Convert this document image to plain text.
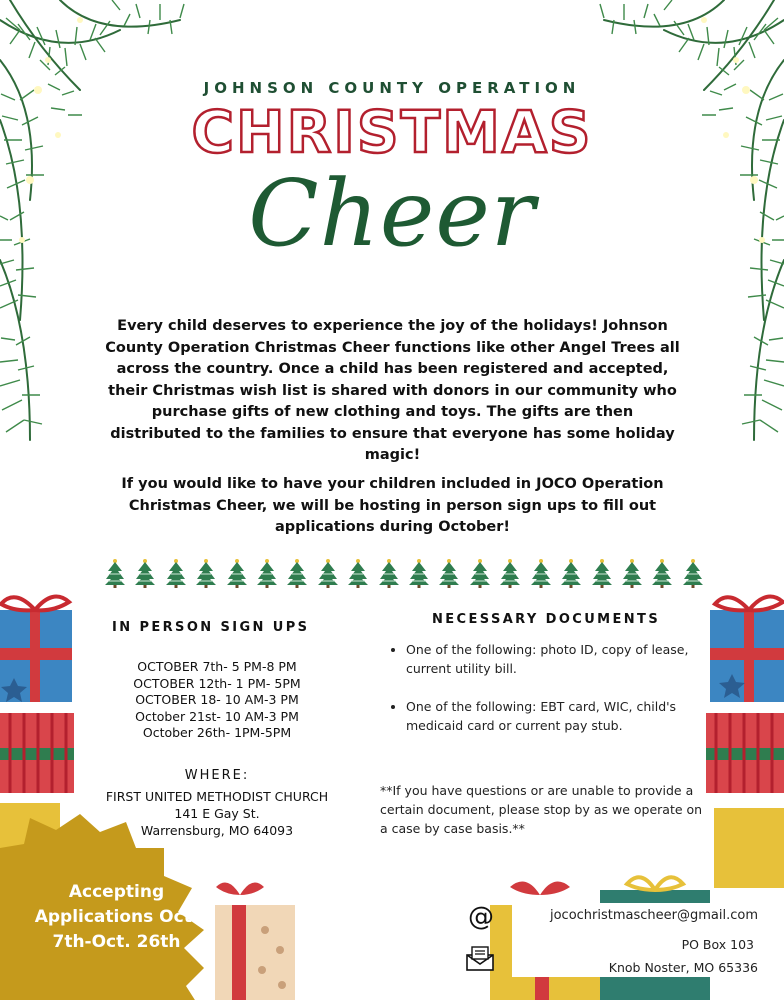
JOHNSON COUNTY OPERATION
CHRISTMAS
Cheer
Every child deserves to experience the joy of the holidays! Johnson County Operation Christmas Cheer functions like other Angel Trees all across the country. Once a child has been registered and accepted, their Christmas wish list is shared with donors in our community who purchase gifts of new clothing and toys. The gifts are then distributed to the families to ensure that everyone has some holiday magic!
If you would like to have your children included in JOCO Operation Christmas Cheer, we will be hosting in person sign ups to fill out applications during October!
IN PERSON SIGN UPS
OCTOBER 7th- 5 PM-8 PM
OCTOBER 12th- 1 PM- 5PM
OCTOBER 18- 10 AM-3 PM
October 21st- 10 AM-3 PM
October 26th- 1PM-5PM
WHERE:
FIRST UNITED METHODIST CHURCH
141 E Gay St.
Warrensburg, MO 64093
NECESSARY DOCUMENTS
• One of the following: photo ID, copy of lease, current utility bill.
• One of the following: EBT card, WIC, child's medicaid card or current pay stub.
**If you have questions or are unable to provide a certain document, please stop by as we operate on a case by case basis.**
Accepting Applications Oct. 7th-Oct. 26th
@	jocochristmascheer@gmail.com
PO Box 103
Knob Noster, MO 65336
